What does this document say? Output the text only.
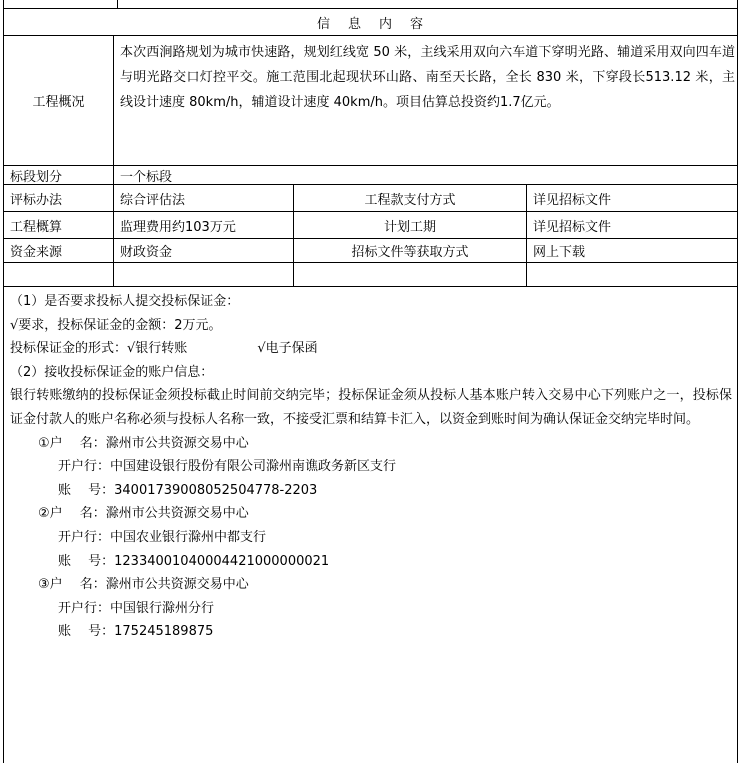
信息内容
工程概况
本次西涧路规划为城市快速路，规划红线宽 50 米，主线采用双向六车道下穿明光路、辅道采用双向四车道与明光路交口灯控平交。施工范围北起现状环山路、南至天长路，全长 830 米，下穿段长513.12 米，主线设计速度 80km/h，辅道设计速度 40km/h。项目估算总投资约1.7亿元。
标段划分	一个标段
评标办法	综合评估法	工程款支付方式	详见招标文件
工程概算	监理费用约103万元	计划工期	详见招标文件
资金来源	财政资金	招标文件等获取方式	网上下载
（1）是否要求投标人提交投标保证金：
√要求，投标保证金的金额：2万元。
投标保证金的形式：√银行转账	√电子保函
（2）接收投标保证金的账户信息：
银行转账缴纳的投标保证金须投标截止时间前交纳完毕；投标保证金须从投标人基本账户转入交易中心下列账户之一，投标保证金付款人的账户名称必须与投标人名称一致，不接受汇票和结算卡汇入，以资金到账时间为确认保证金交纳完毕时间。
①户　 名：滁州市公共资源交易中心
开户行：中国建设银行股份有限公司滁州南谯政务新区支行
账　 号：34001739008052504778-2203
②户　 名：滁州市公共资源交易中心
开户行：中国农业银行滁州中都支行
账　 号：12334001040004421000000021
③户　 名：滁州市公共资源交易中心
开户行：中国银行滁州分行
账　 号：175245189875
